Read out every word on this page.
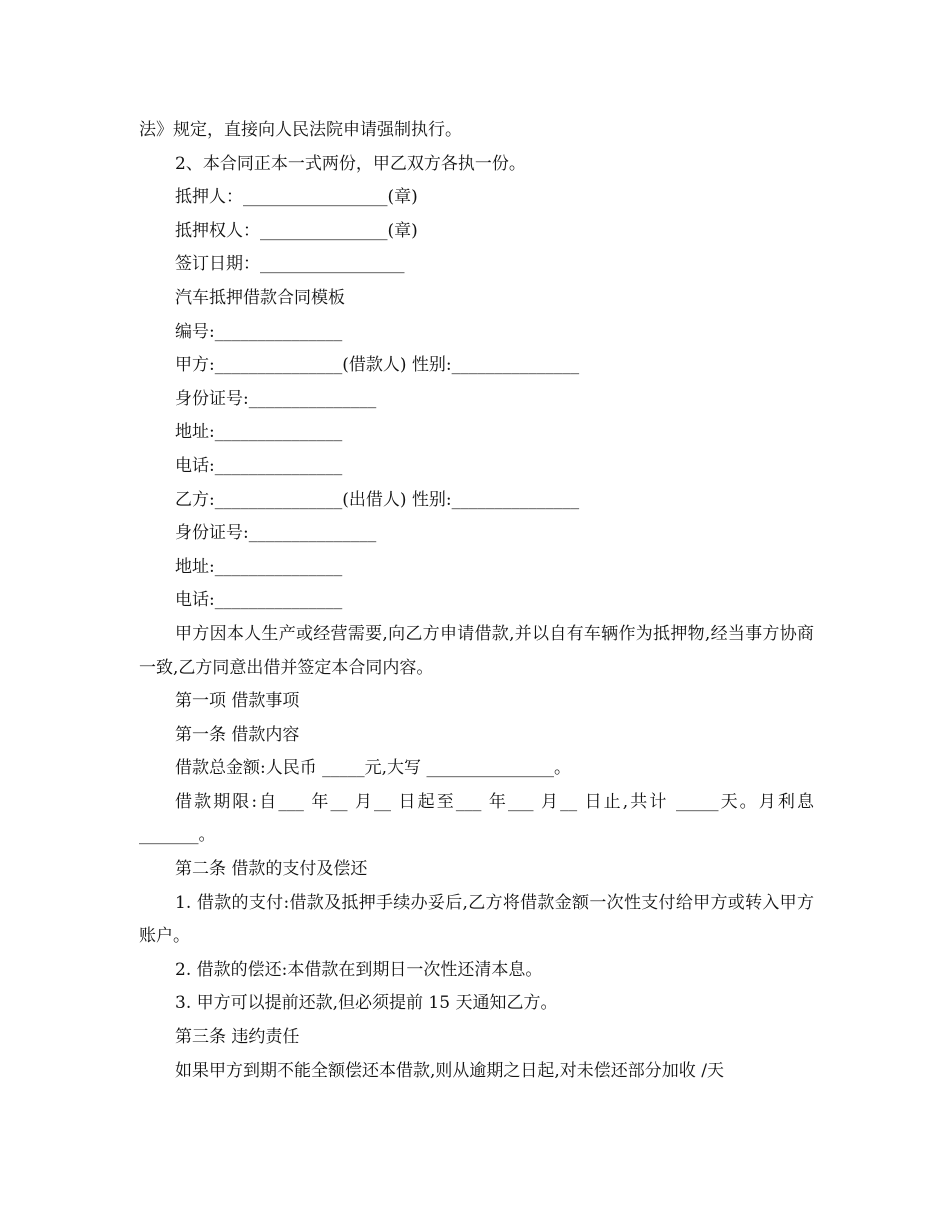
法》规定，直接向人民法院申请强制执行。
2、本合同正本一式两份，甲乙双方各执一份。
抵押人：_________________(章)
抵押权人：_______________(章)
签订日期：_________________
汽车抵押借款合同模板
编号:_______________
甲方:_______________(借款人) 性别:_______________
身份证号:_______________
地址:_______________
电话:_______________
乙方:_______________(出借人) 性别:_______________
身份证号:_______________
地址:_______________
电话:_______________
甲方因本人生产或经营需要,向乙方申请借款,并以自有车辆作为抵押物,经当事方协商一致,乙方同意出借并签定本合同内容。
第一项 借款事项
第一条 借款内容
借款总金额:人民币 _____元,大写 _______________。
借款期限:自___ 年__ 月__ 日起至___ 年___ 月__ 日止,共计 _____天。月利息 _______。
第二条 借款的支付及偿还
1. 借款的支付:借款及抵押手续办妥后,乙方将借款金额一次性支付给甲方或转入甲方账户。
2. 借款的偿还:本借款在到期日一次性还清本息。
3. 甲方可以提前还款,但必须提前 15 天通知乙方。
第三条 违约责任
如果甲方到期不能全额偿还本借款,则从逾期之日起,对未偿还部分加收 /天
